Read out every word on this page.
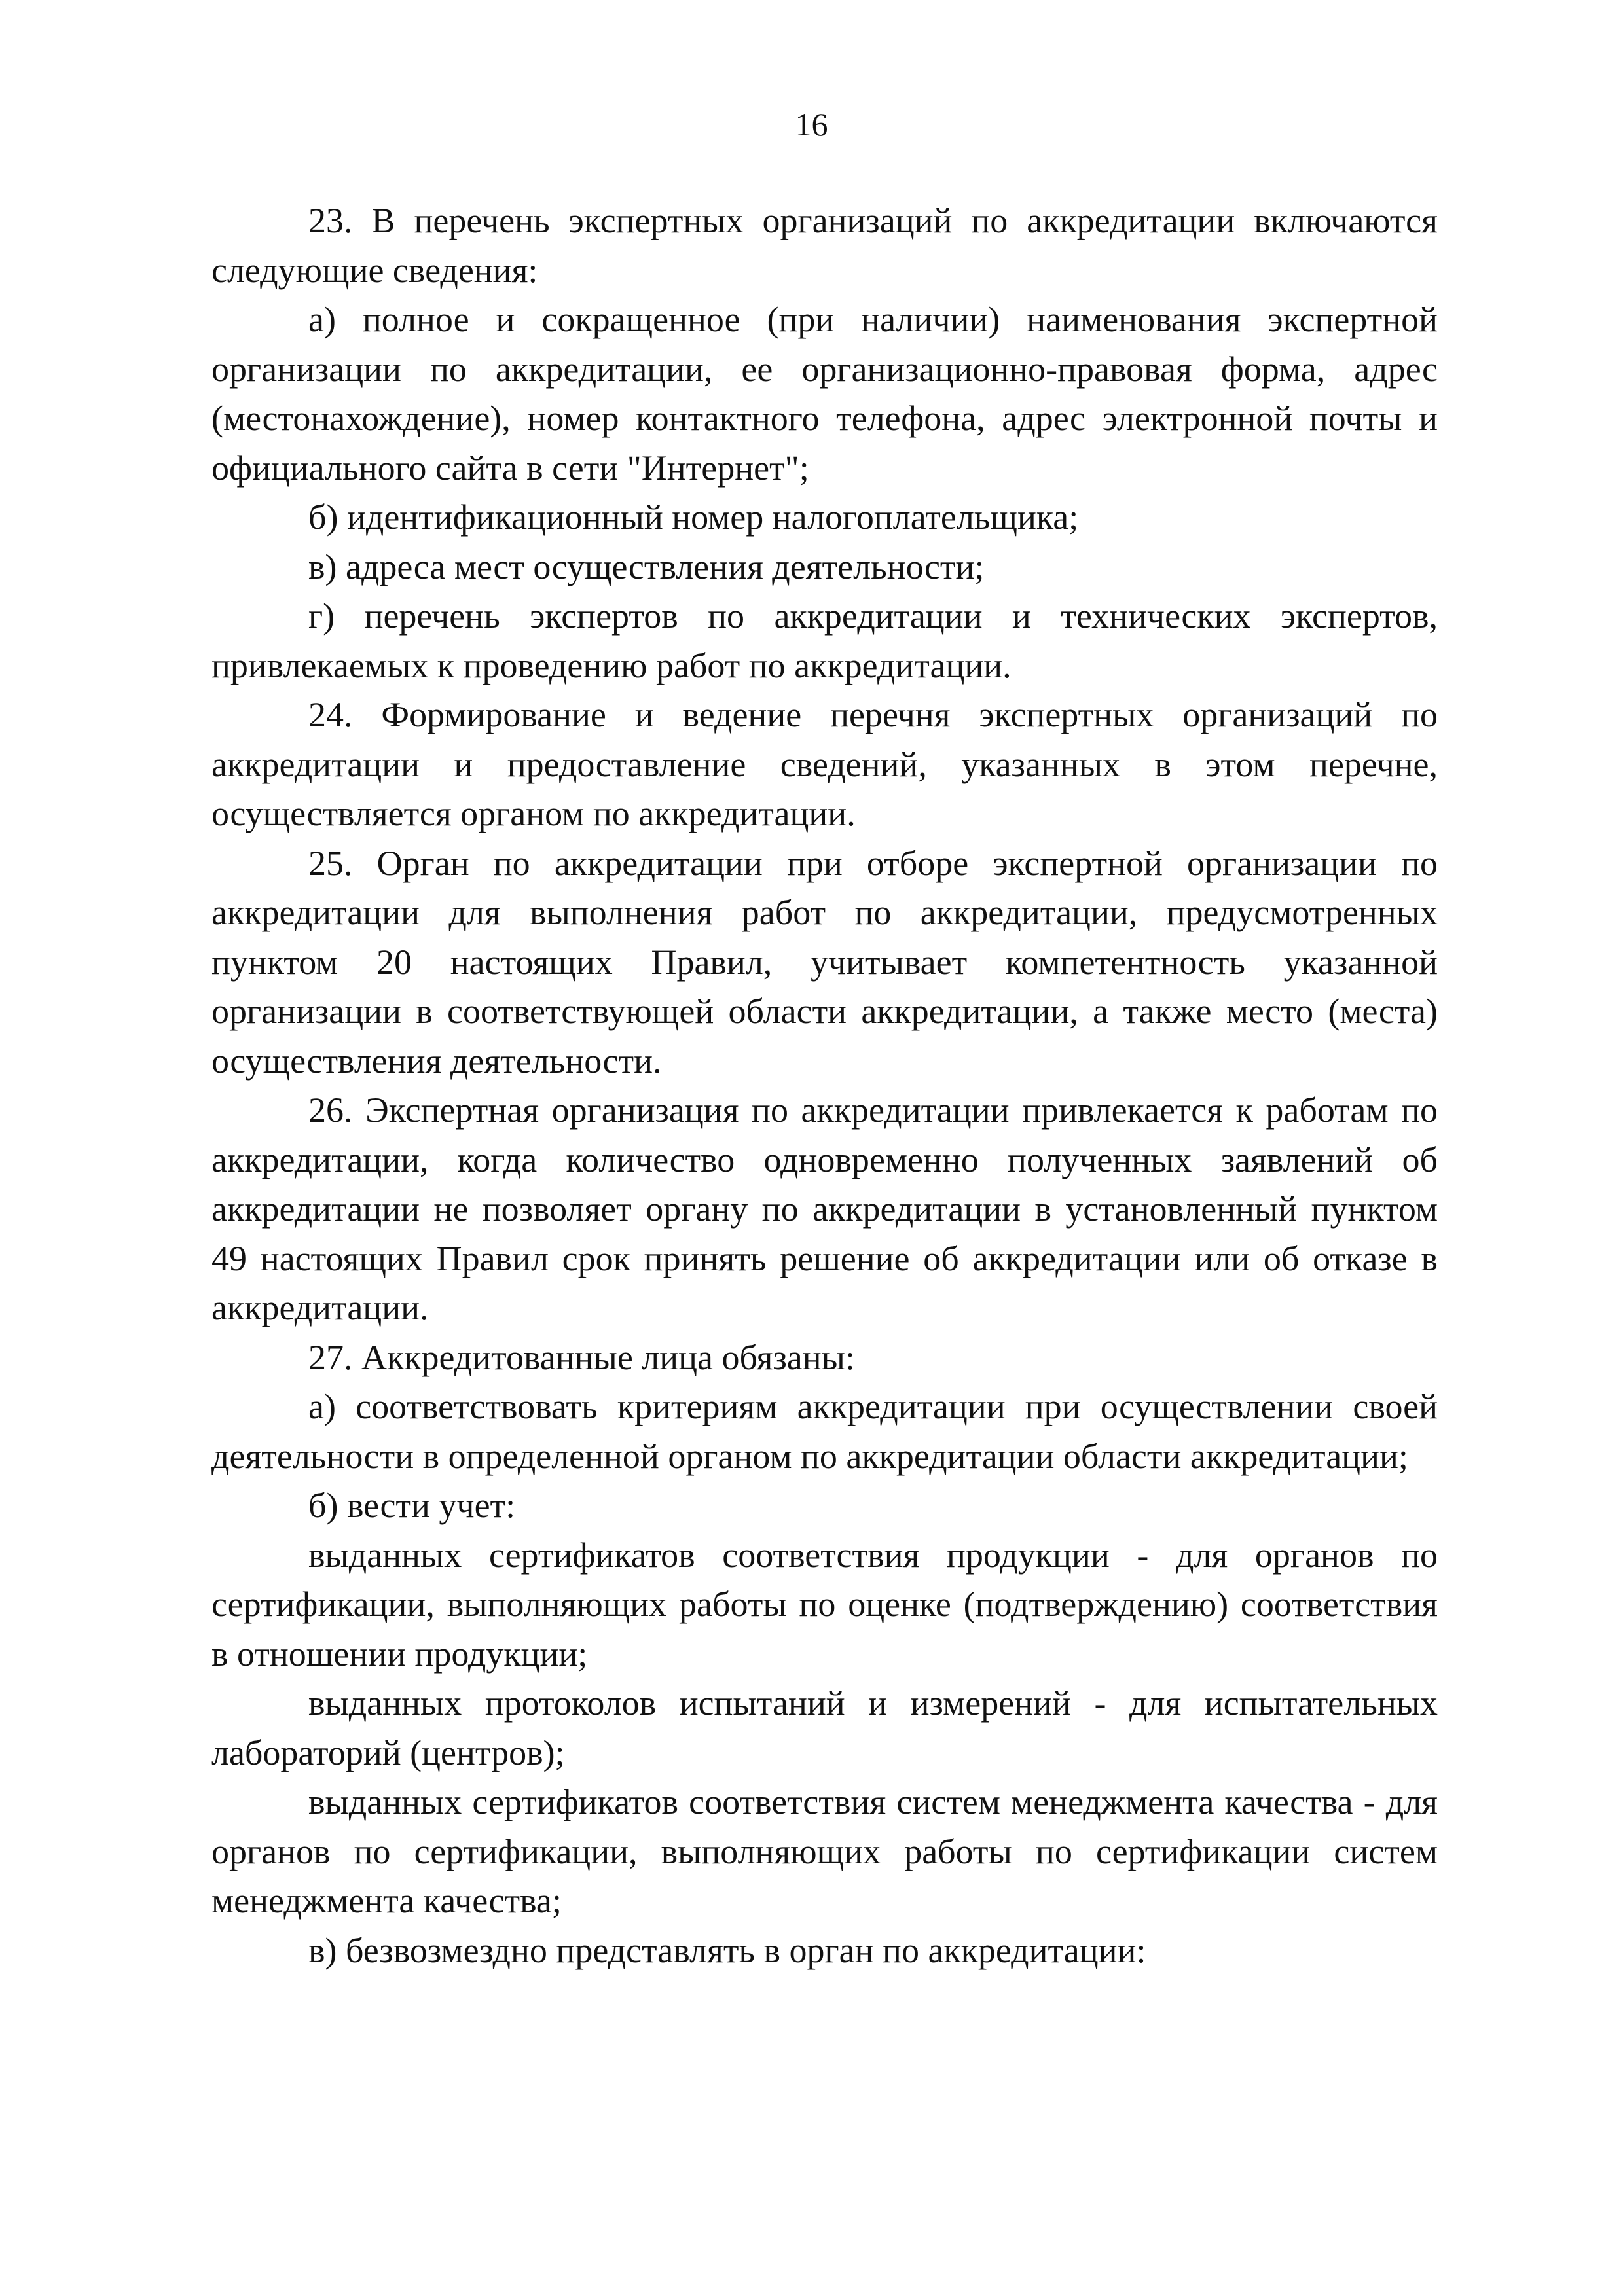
16

23. В перечень экспертных организаций по аккредитации включаются следующие сведения:

а) полное и сокращенное (при наличии) наименования экспертной организации по аккредитации, ее организационно-правовая форма, адрес (местонахождение), номер контактного телефона, адрес электронной почты и официального сайта в сети "Интернет";

б) идентификационный номер налогоплательщика;

в) адреса мест осуществления деятельности;

г) перечень экспертов по аккредитации и технических экспертов, привлекаемых к проведению работ по аккредитации.

24. Формирование и ведение перечня экспертных организаций по аккредитации и предоставление сведений, указанных в этом перечне, осуществляется органом по аккредитации.

25. Орган по аккредитации при отборе экспертной организации по аккредитации для выполнения работ по аккредитации, предусмотренных пунктом 20 настоящих Правил, учитывает компетентность указанной организации в соответствующей области аккредитации, а также место (места) осуществления деятельности.

26. Экспертная организация по аккредитации привлекается к работам по аккредитации, когда количество одновременно полученных заявлений об аккредитации не позволяет органу по аккредитации в установленный пунктом 49 настоящих Правил срок принять решение об аккредитации или об отказе в аккредитации.

27. Аккредитованные лица обязаны:

а) соответствовать критериям аккредитации при осуществлении своей деятельности в определенной органом по аккредитации области аккредитации;

б) вести учет:

выданных сертификатов соответствия продукции - для органов по сертификации, выполняющих работы по оценке (подтверждению) соответствия в отношении продукции;

выданных протоколов испытаний и измерений - для испытательных лабораторий (центров);

выданных сертификатов соответствия систем менеджмента качества - для органов по сертификации, выполняющих работы по сертификации систем менеджмента качества;

в) безвозмездно представлять в орган по аккредитации:
